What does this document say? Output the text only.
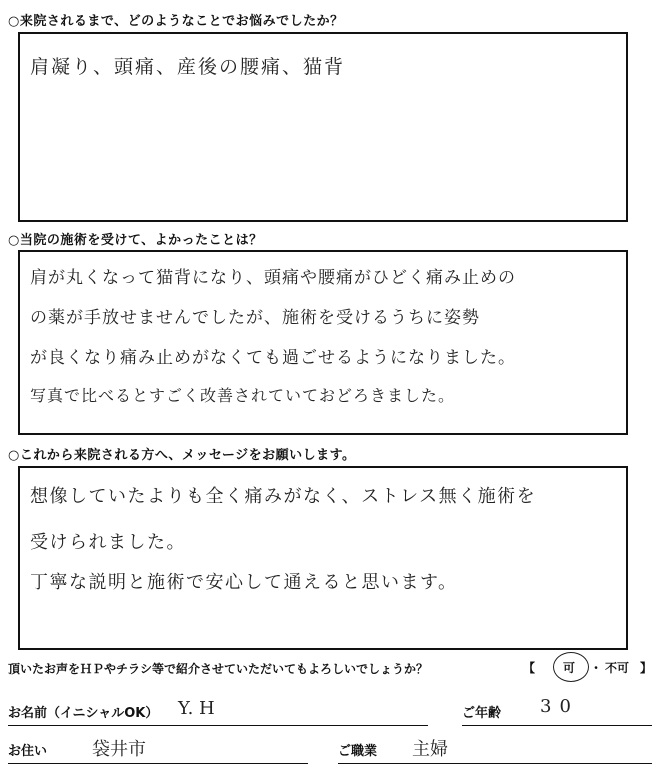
○来院されるまで、どのようなことでお悩みでしたか？
肩凝り、頭痛、産後の腰痛、猫背
○当院の施術を受けて、よかったことは？
肩が丸くなって猫背になり、頭痛や腰痛がひどく痛み止めの
の薬が手放せませんでしたが、施術を受けるうちに姿勢
が良くなり痛み止めがなくても過ごせるようになりました。
写真で比べるとすごく改善されていておどろきました。
○これから来院される方へ、メッセージをお願いします。
想像していたよりも全く痛みがなく、ストレス無く施術を
受けられました。
丁寧な説明と施術で安心して通えると思います。
頂いたお声をＨＰやチラシ等で紹介させていただいてもよろしいでしょうか？	【 可 ・ 不可 】
お名前（イニシャルOK） Y. H	ご年齢 30
お住い 袋井市	ご職業 主婦
